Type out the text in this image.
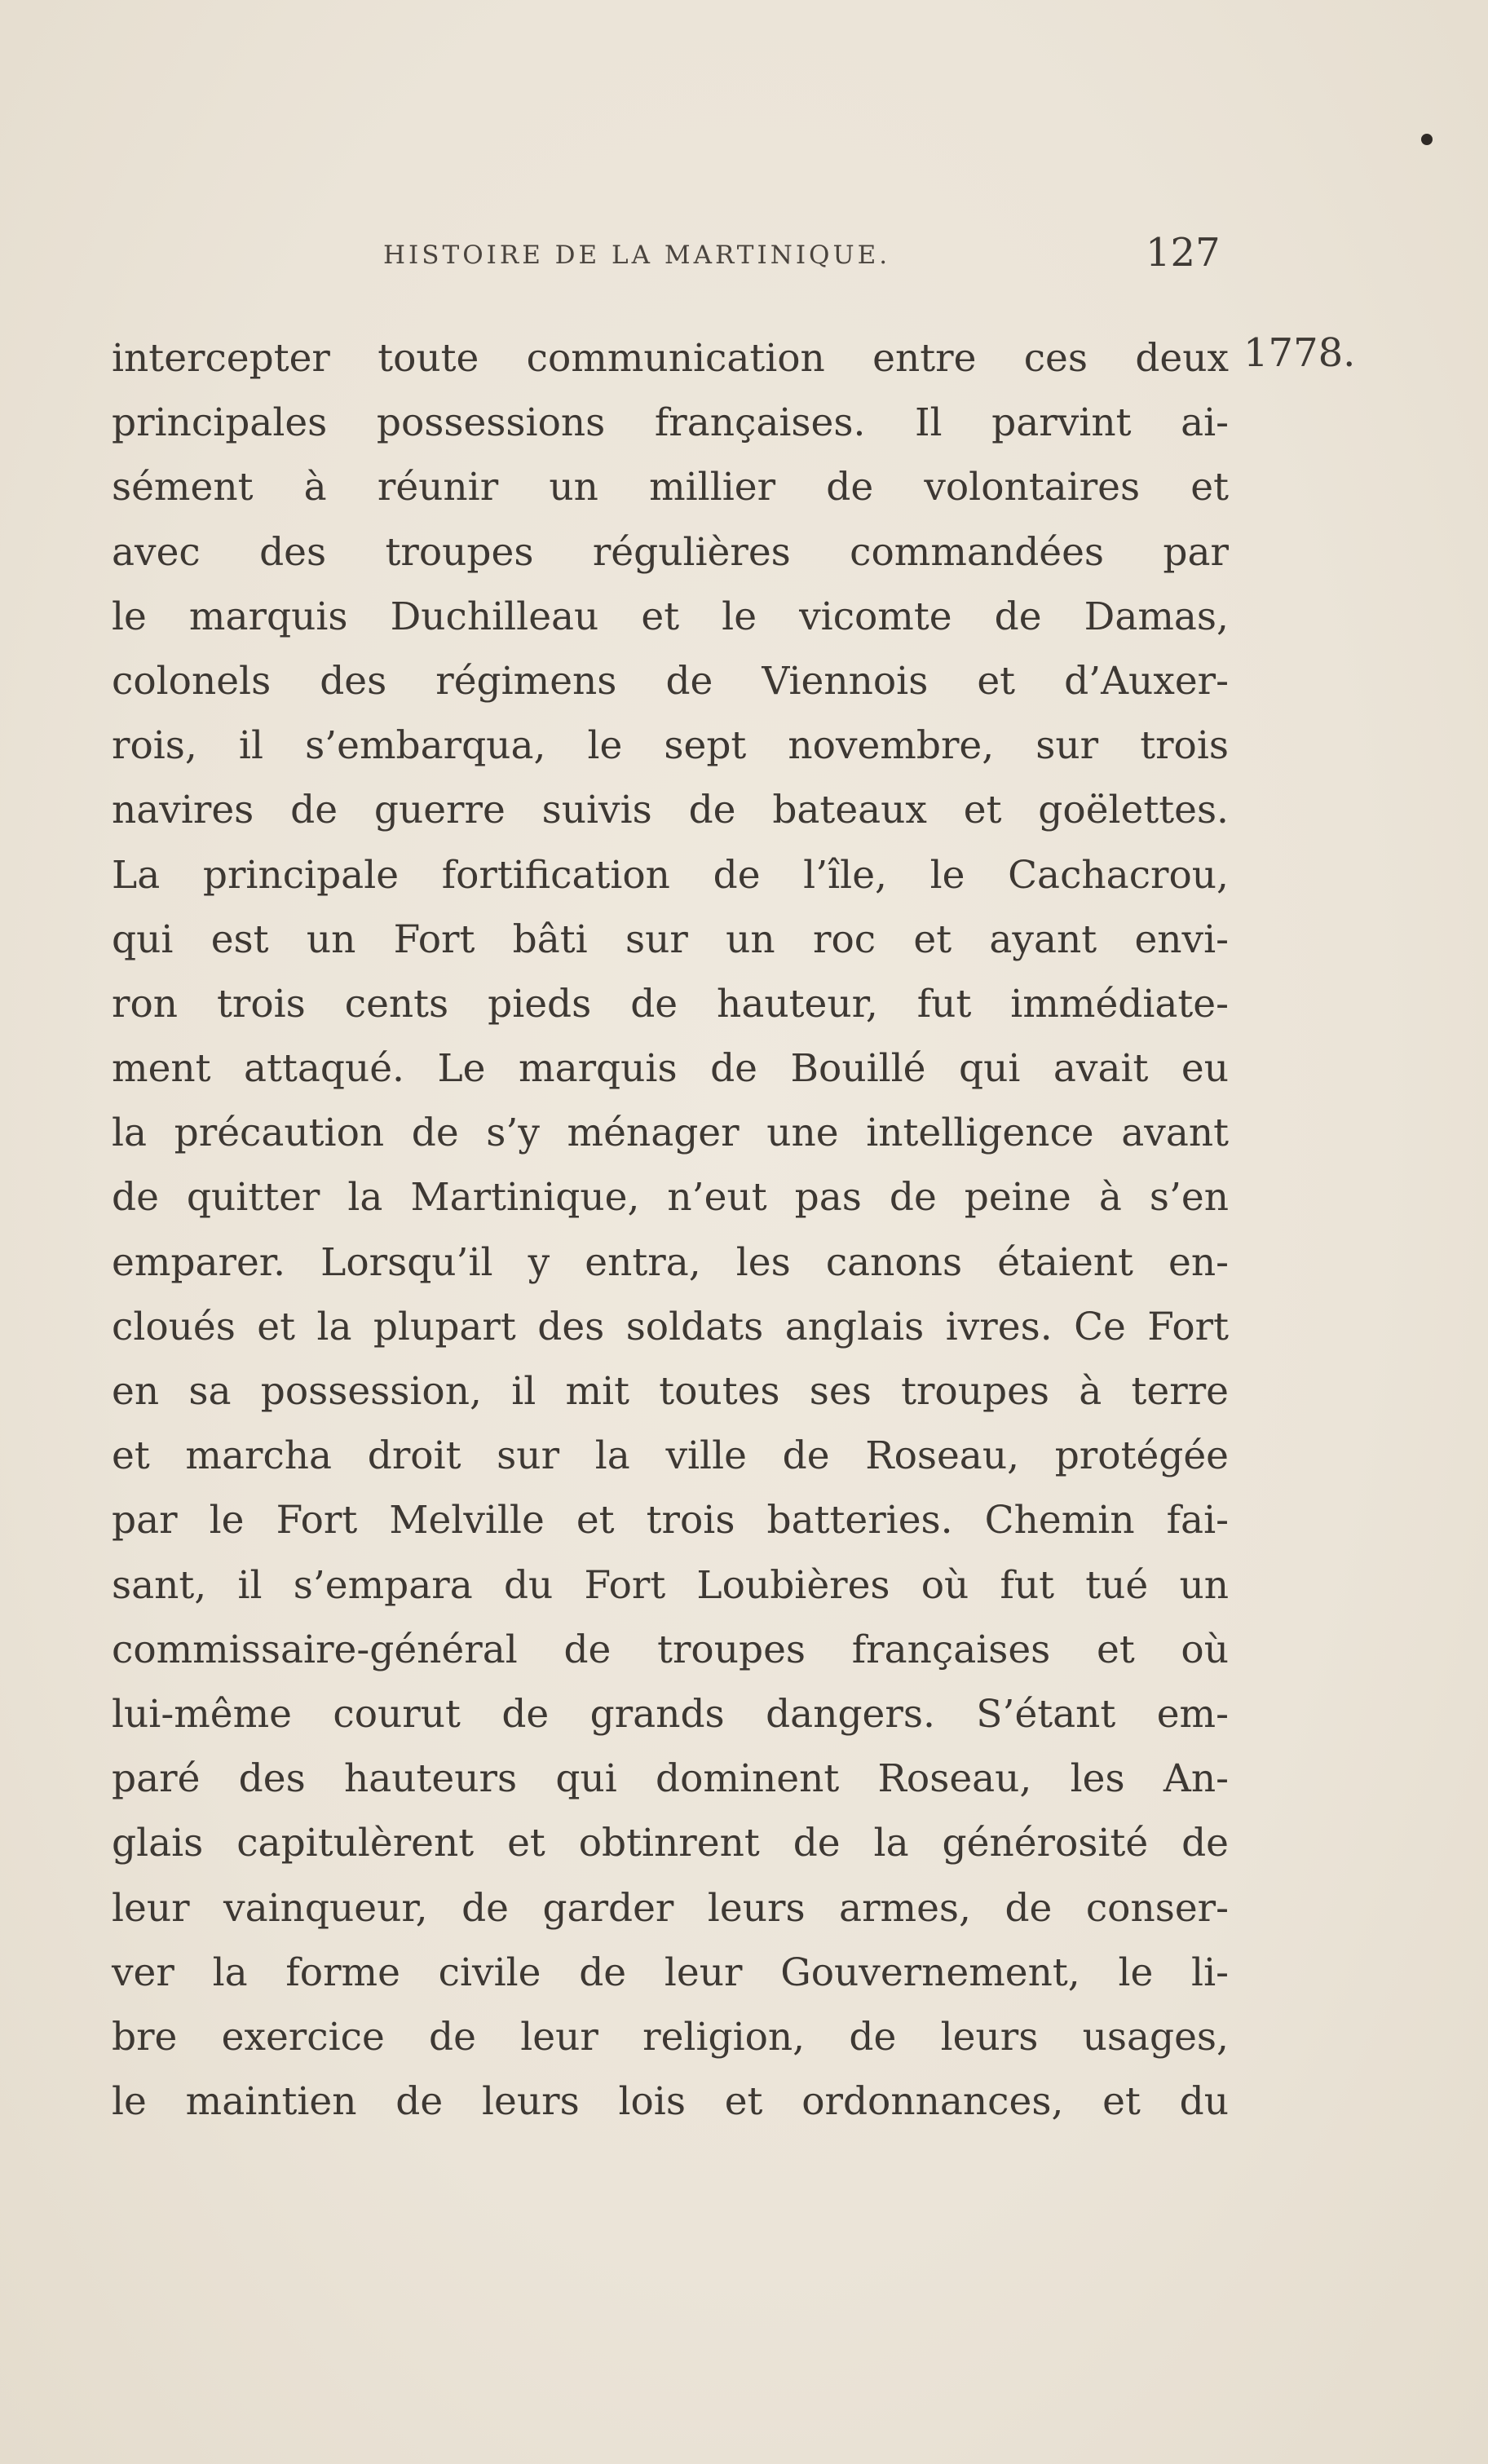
HISTOIRE DE LA MARTINIQUE.	127
1778.
intercepter toute communication entre ces deux
principales possessions françaises. Il parvint ai-
sément à réunir un millier de volontaires et
avec des troupes régulières commandées par
le marquis Duchilleau et le vicomte de Damas,
colonels des régimens de Viennois et d’Auxer-
rois, il s’embarqua, le sept novembre, sur trois
navires de guerre suivis de bateaux et goëlettes.
La principale fortification de l’île, le Cachacrou,
qui est un Fort bâti sur un roc et ayant envi-
ron trois cents pieds de hauteur, fut immédiate-
ment attaqué. Le marquis de Bouillé qui avait eu
la précaution de s’y ménager une intelligence avant
de quitter la Martinique, n’eut pas de peine à s’en
emparer. Lorsqu’il y entra, les canons étaient en-
cloués et la plupart des soldats anglais ivres. Ce Fort
en sa possession, il mit toutes ses troupes à terre
et marcha droit sur la ville de Roseau, protégée
par le Fort Melville et trois batteries. Chemin fai-
sant, il s’empara du Fort Loubières où fut tué un
commissaire-général de troupes françaises et où
lui-même courut de grands dangers. S’étant em-
paré des hauteurs qui dominent Roseau, les An-
glais capitulèrent et obtinrent de la générosité de
leur vainqueur, de garder leurs armes, de conser-
ver la forme civile de leur Gouvernement, le li-
bre exercice de leur religion, de leurs usages,
le maintien de leurs lois et ordonnances, et du
